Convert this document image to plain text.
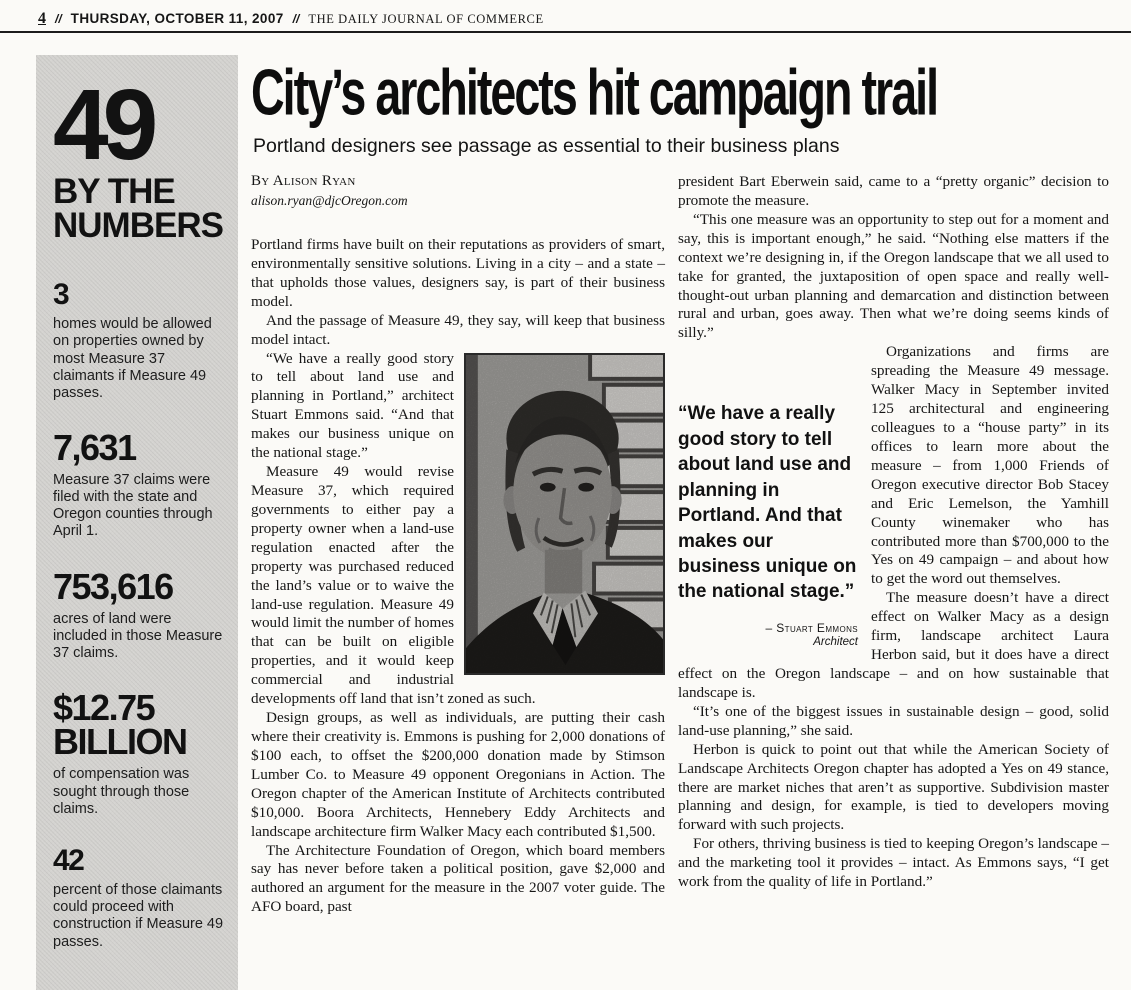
4 // THURSDAY, OCTOBER 11, 2007 // THE DAILY JOURNAL OF COMMERCE
49
BY THE NUMBERS
3
homes would be allowed on properties owned by most Measure 37 claimants if Measure 49 passes.
7,631
Measure 37 claims were filed with the state and Oregon counties through April 1.
753,616
acres of land were included in those Measure 37 claims.
$12.75 BILLION
of compensation was sought through those claims.
42
percent of those claimants could proceed with construction if Measure 49 passes.
City’s architects hit campaign trail
Portland designers see passage as essential to their business plans
By Alison Ryan
alison.ryan@djcOregon.com

Portland firms have built on their reputations as providers of smart, environmentally sensitive solutions. Living in a city – and a state – that upholds those values, designers say, is part of their business model.

And the passage of Measure 49, they say, will keep that business model intact.

“We have a really good story to tell about land use and planning in Portland,” architect Stuart Emmons said. “And that makes our business unique on the national stage.”

Measure 49 would revise Measure 37, which required governments to either pay a property owner when a land-use regulation enacted after the property was purchased reduced the land’s value or to waive the land-use regulation. Measure 49 would limit the number of homes that can be built on eligible properties, and it would keep commercial and industrial developments off land that isn’t zoned as such.

Design groups, as well as individuals, are putting their cash where their creativity is. Emmons is pushing for 2,000 donations of $100 each, to offset the $200,000 donation made by Stimson Lumber Co. to Measure 49 opponent Oregonians in Action. The Oregon chapter of the American Institute of Architects contributed $10,000. Boora Architects, Hennebery Eddy Architects and landscape architecture firm Walker Macy each contributed $1,500.

The Architecture Foundation of Oregon, which board members say has never before taken a political position, gave $2,000 and authored an argument for the measure in the 2007 voter guide. The AFO board, past

president Bart Eberwein said, came to a “pretty organic” decision to promote the measure.

“This one measure was an opportunity to step out for a moment and say, this is important enough,” he said. “Nothing else matters if the context we’re designing in, if the Oregon landscape that we all used to take for granted, the juxtaposition of open space and really well-thought-out urban planning and demarcation and distinction between rural and urban, goes away. Then what we’re doing seems kinds of silly.”

“We have a really good story to tell about land use and planning in Portland. And that makes our business unique on the national stage.”
– Stuart Emmons
Architect

Organizations and firms are spreading the Measure 49 message. Walker Macy in September invited 125 architectural and engineering colleagues to a “house party” in its offices to learn more about the measure – from 1,000 Friends of Oregon executive director Bob Stacey and Eric Lemelson, the Yamhill County winemaker who has contributed more than $700,000 to the Yes on 49 campaign – and about how to get the word out themselves.

The measure doesn’t have a direct effect on Walker Macy as a design firm, landscape architect Laura Herbon said, but it does have a direct effect on the Oregon landscape – and on how sustainable that landscape is.

“It’s one of the biggest issues in sustainable design – good, solid land-use planning,” she said.

Herbon is quick to point out that while the American Society of Landscape Architects Oregon chapter has adopted a Yes on 49 stance, there are market niches that aren’t as supportive. Subdivision master planning and design, for example, is tied to developers moving forward with such projects.

For others, thriving business is tied to keeping Oregon’s landscape – and the marketing tool it provides – intact. As Emmons says, “I get work from the quality of life in Portland.”
